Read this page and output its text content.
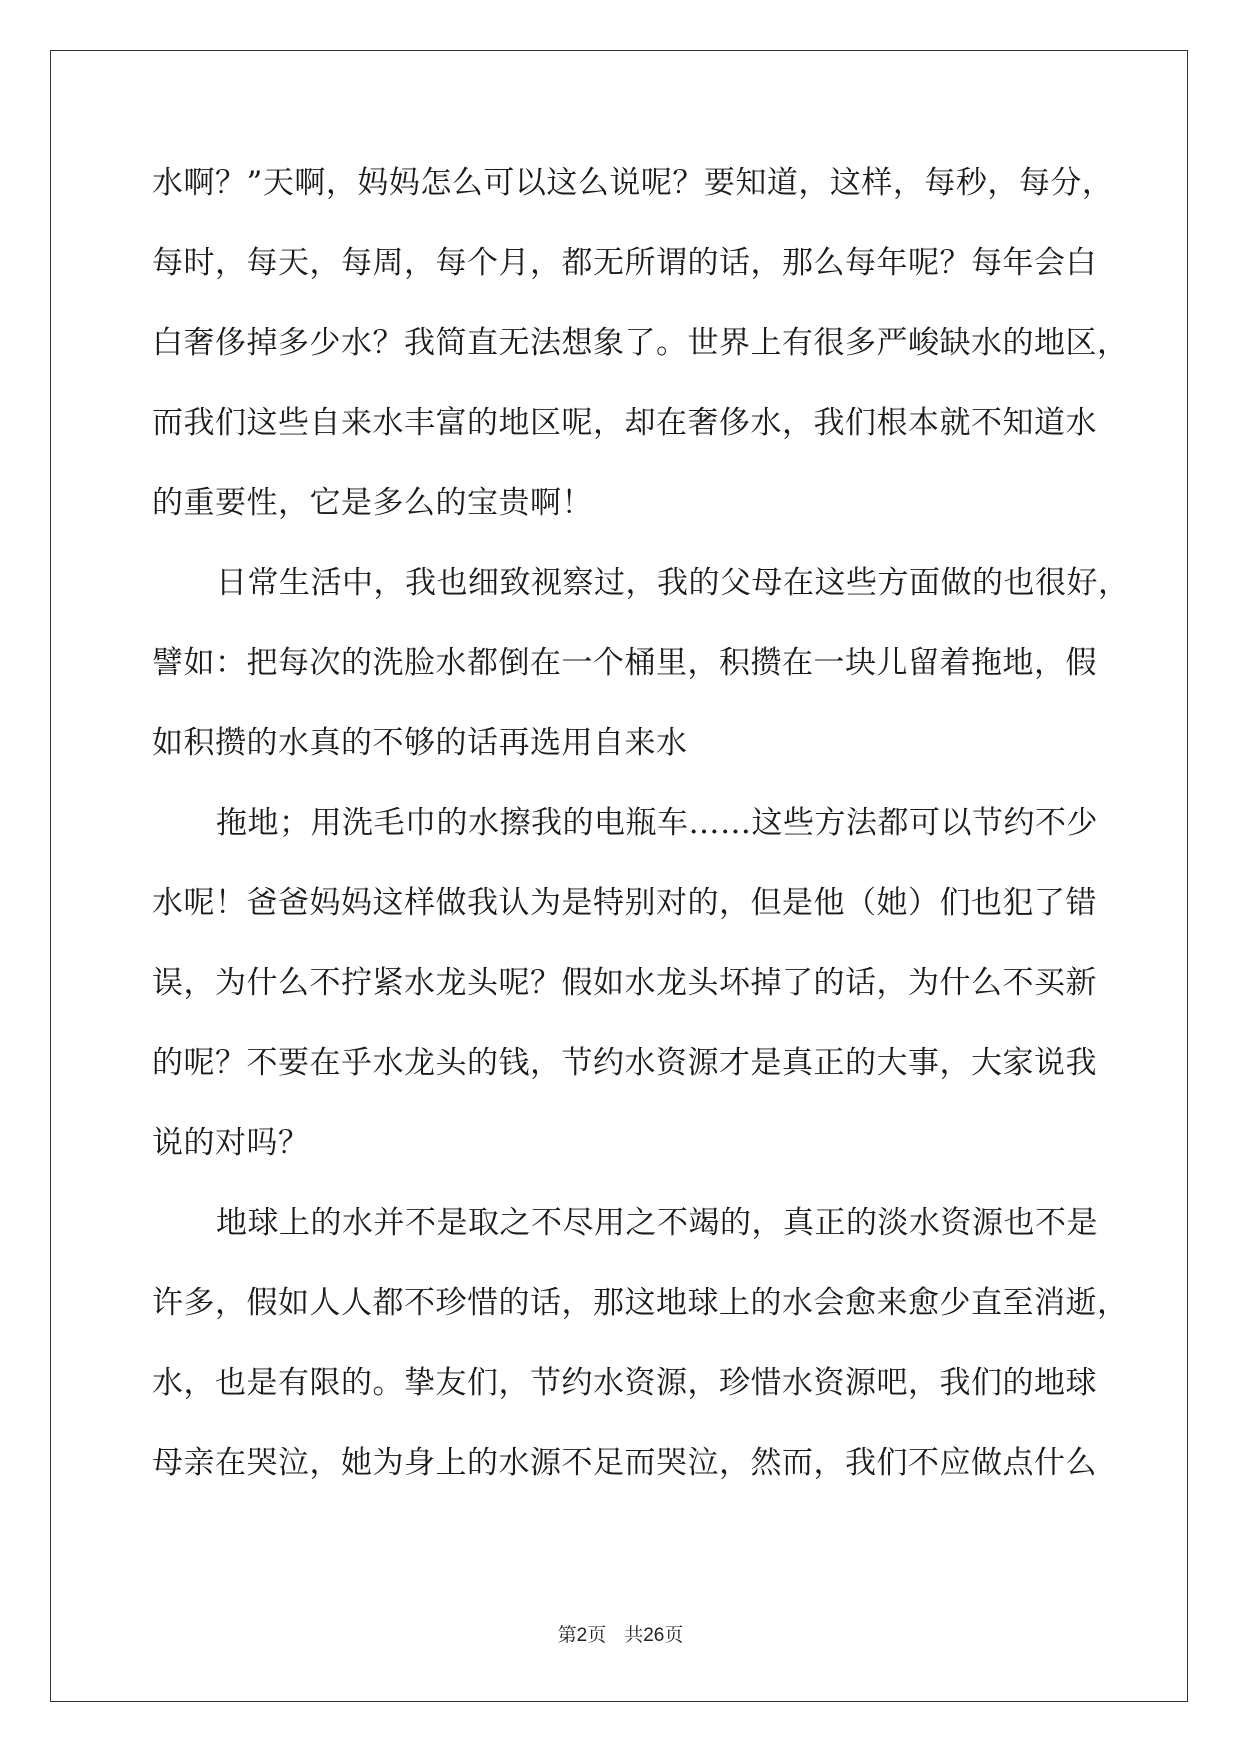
水啊？”天啊，妈妈怎么可以这么说呢？要知道，这样，每秒，每分，
每时，每天，每周，每个月，都无所谓的话，那么每年呢？每年会白
白奢侈掉多少水？我简直无法想象了。世界上有很多严峻缺水的地区，
而我们这些自来水丰富的地区呢，却在奢侈水，我们根本就不知道水
的重要性，它是多么的宝贵啊！
日常生活中，我也细致视察过，我的父母在这些方面做的也很好，
譬如：把每次的洗脸水都倒在一个桶里，积攒在一块儿留着拖地，假
如积攒的水真的不够的话再选用自来水
拖地；用洗毛巾的水擦我的电瓶车……这些方法都可以节约不少
水呢！爸爸妈妈这样做我认为是特别对的，但是他（她）们也犯了错
误，为什么不拧紧水龙头呢？假如水龙头坏掉了的话，为什么不买新
的呢？不要在乎水龙头的钱，节约水资源才是真正的大事，大家说我
说的对吗？
地球上的水并不是取之不尽用之不竭的，真正的淡水资源也不是
许多，假如人人都不珍惜的话，那这地球上的水会愈来愈少直至消逝，
水，也是有限的。挚友们，节约水资源，珍惜水资源吧，我们的地球
母亲在哭泣，她为身上的水源不足而哭泣，然而，我们不应做点什么
第2页 共26页
